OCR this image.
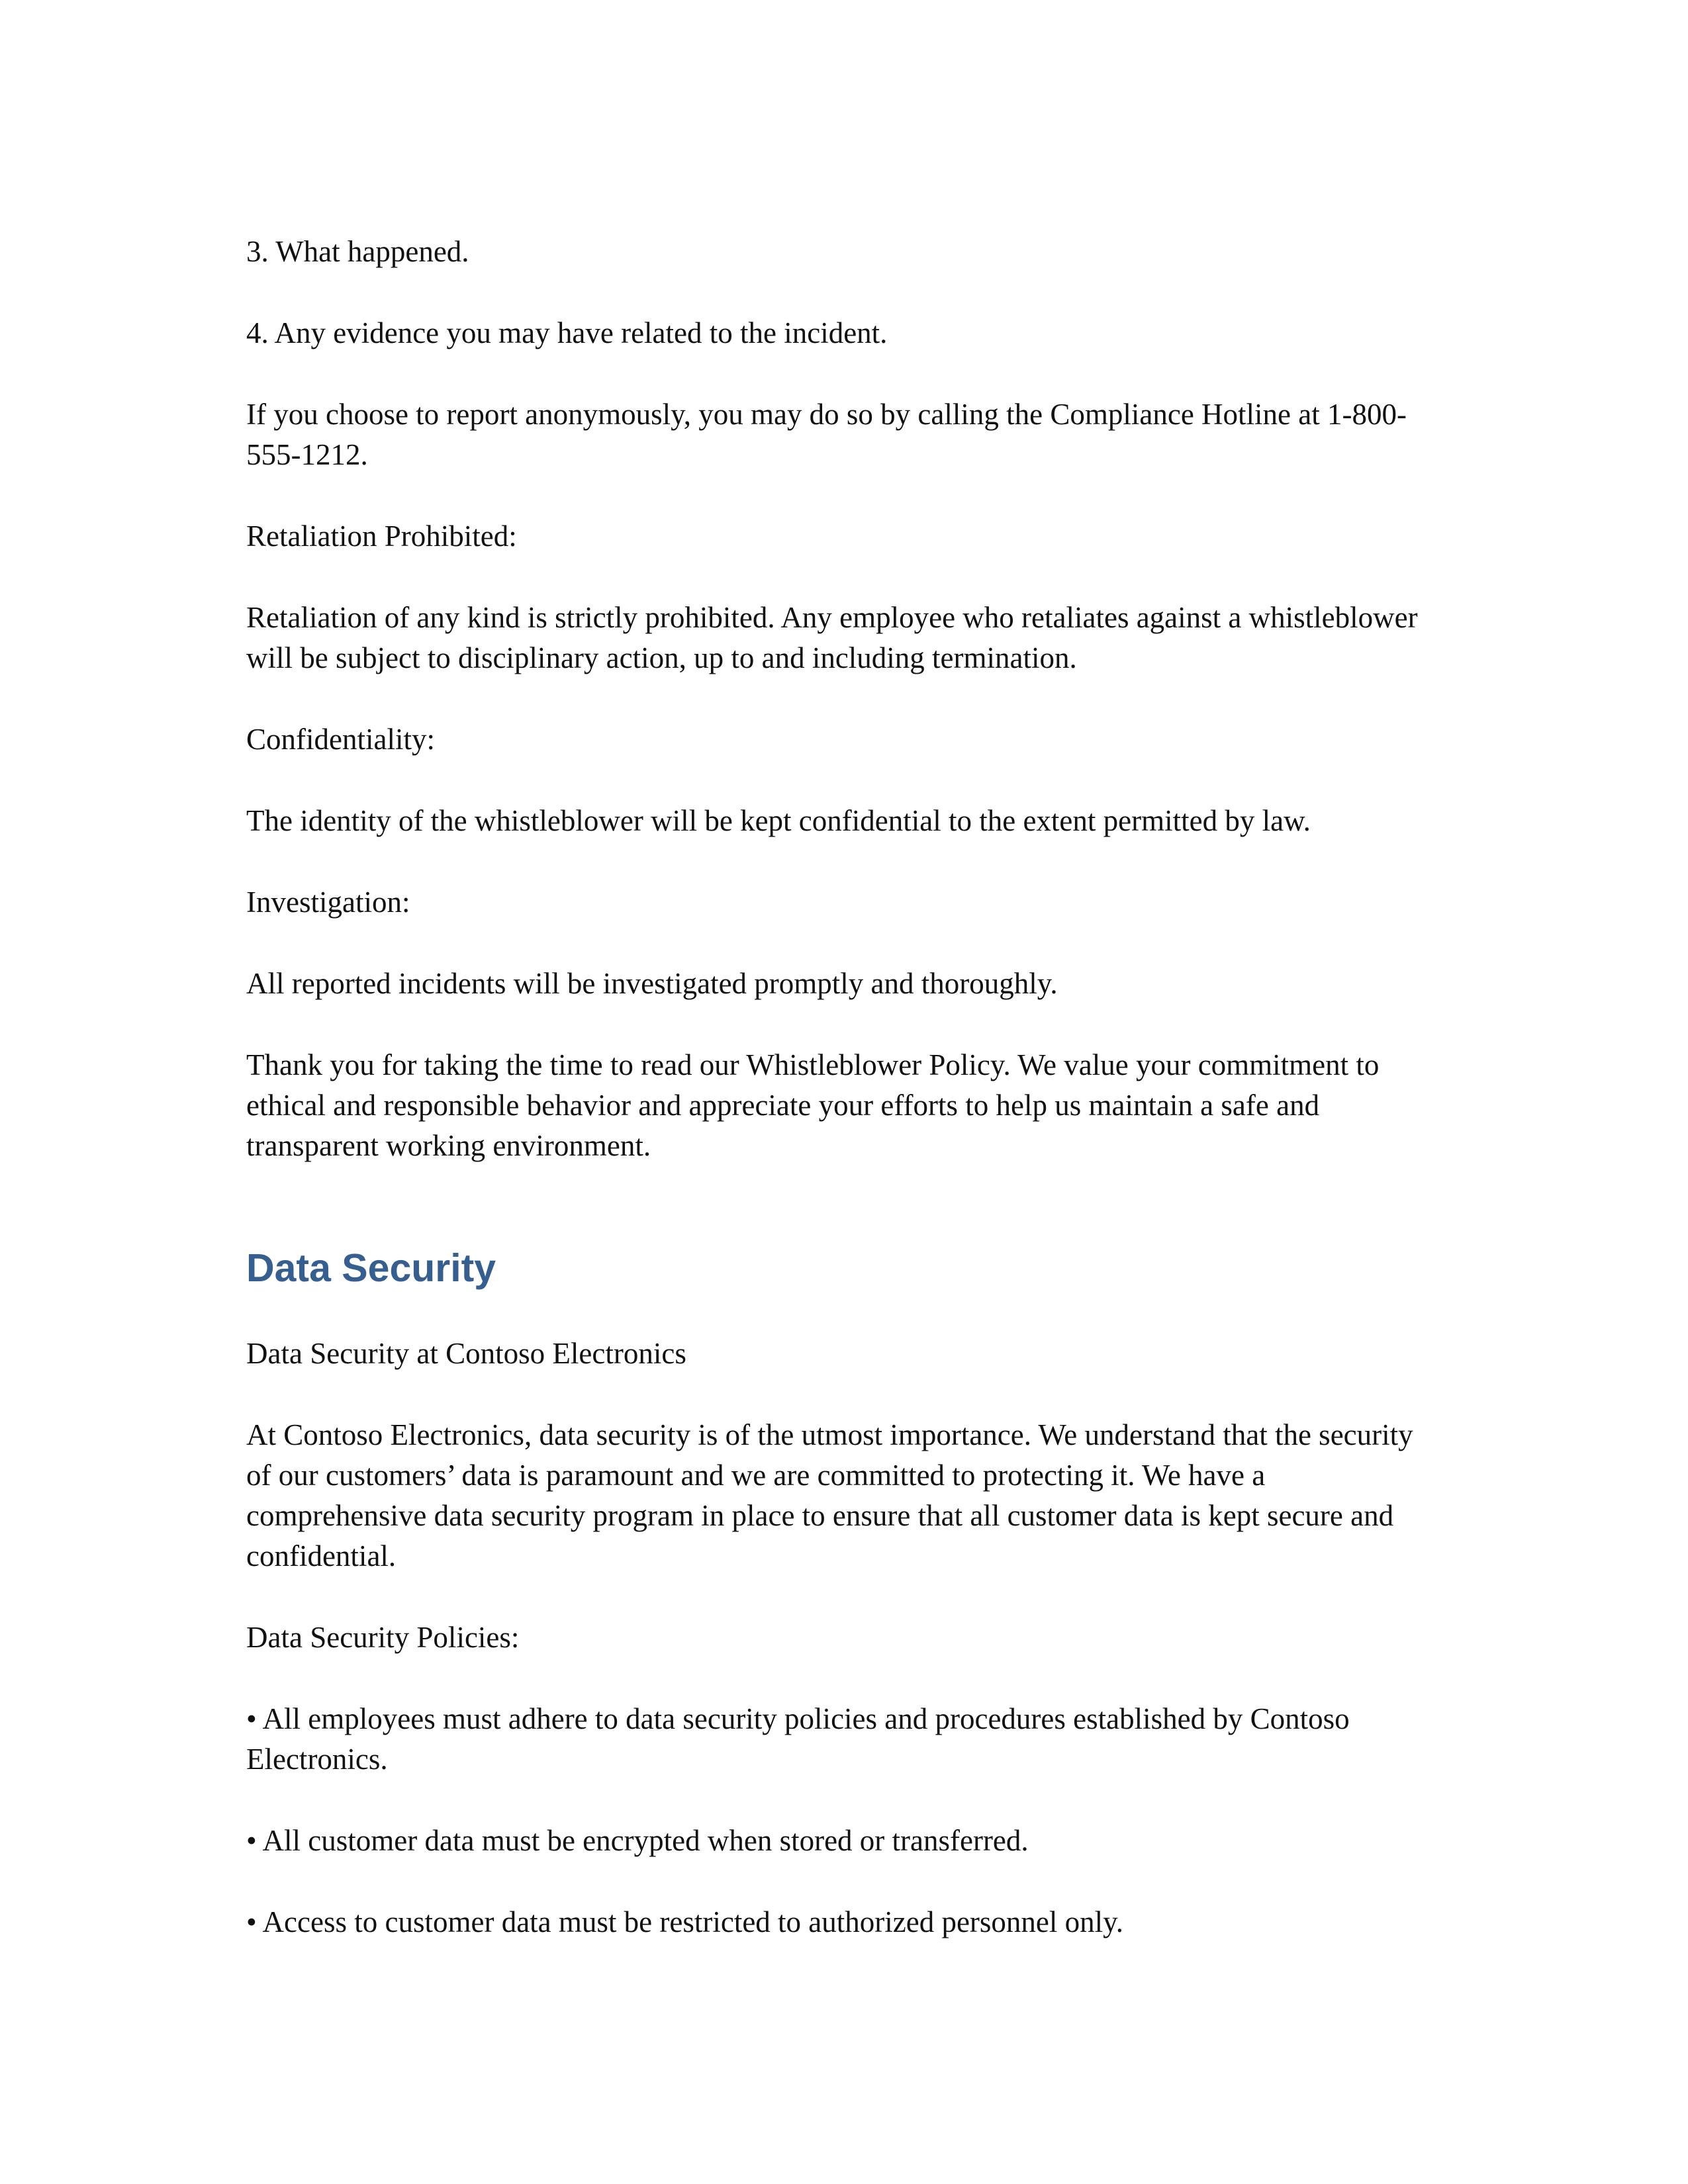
3. What happened.

4. Any evidence you may have related to the incident.

If you choose to report anonymously, you may do so by calling the Compliance Hotline at 1-800-555-1212.

Retaliation Prohibited:

Retaliation of any kind is strictly prohibited. Any employee who retaliates against a whistleblower will be subject to disciplinary action, up to and including termination.

Confidentiality:

The identity of the whistleblower will be kept confidential to the extent permitted by law.

Investigation:

All reported incidents will be investigated promptly and thoroughly.

Thank you for taking the time to read our Whistleblower Policy. We value your commitment to ethical and responsible behavior and appreciate your efforts to help us maintain a safe and transparent working environment.

Data Security

Data Security at Contoso Electronics

At Contoso Electronics, data security is of the utmost importance. We understand that the security of our customers’ data is paramount and we are committed to protecting it. We have a comprehensive data security program in place to ensure that all customer data is kept secure and confidential.

Data Security Policies:

• All employees must adhere to data security policies and procedures established by Contoso Electronics.

• All customer data must be encrypted when stored or transferred.

• Access to customer data must be restricted to authorized personnel only.
